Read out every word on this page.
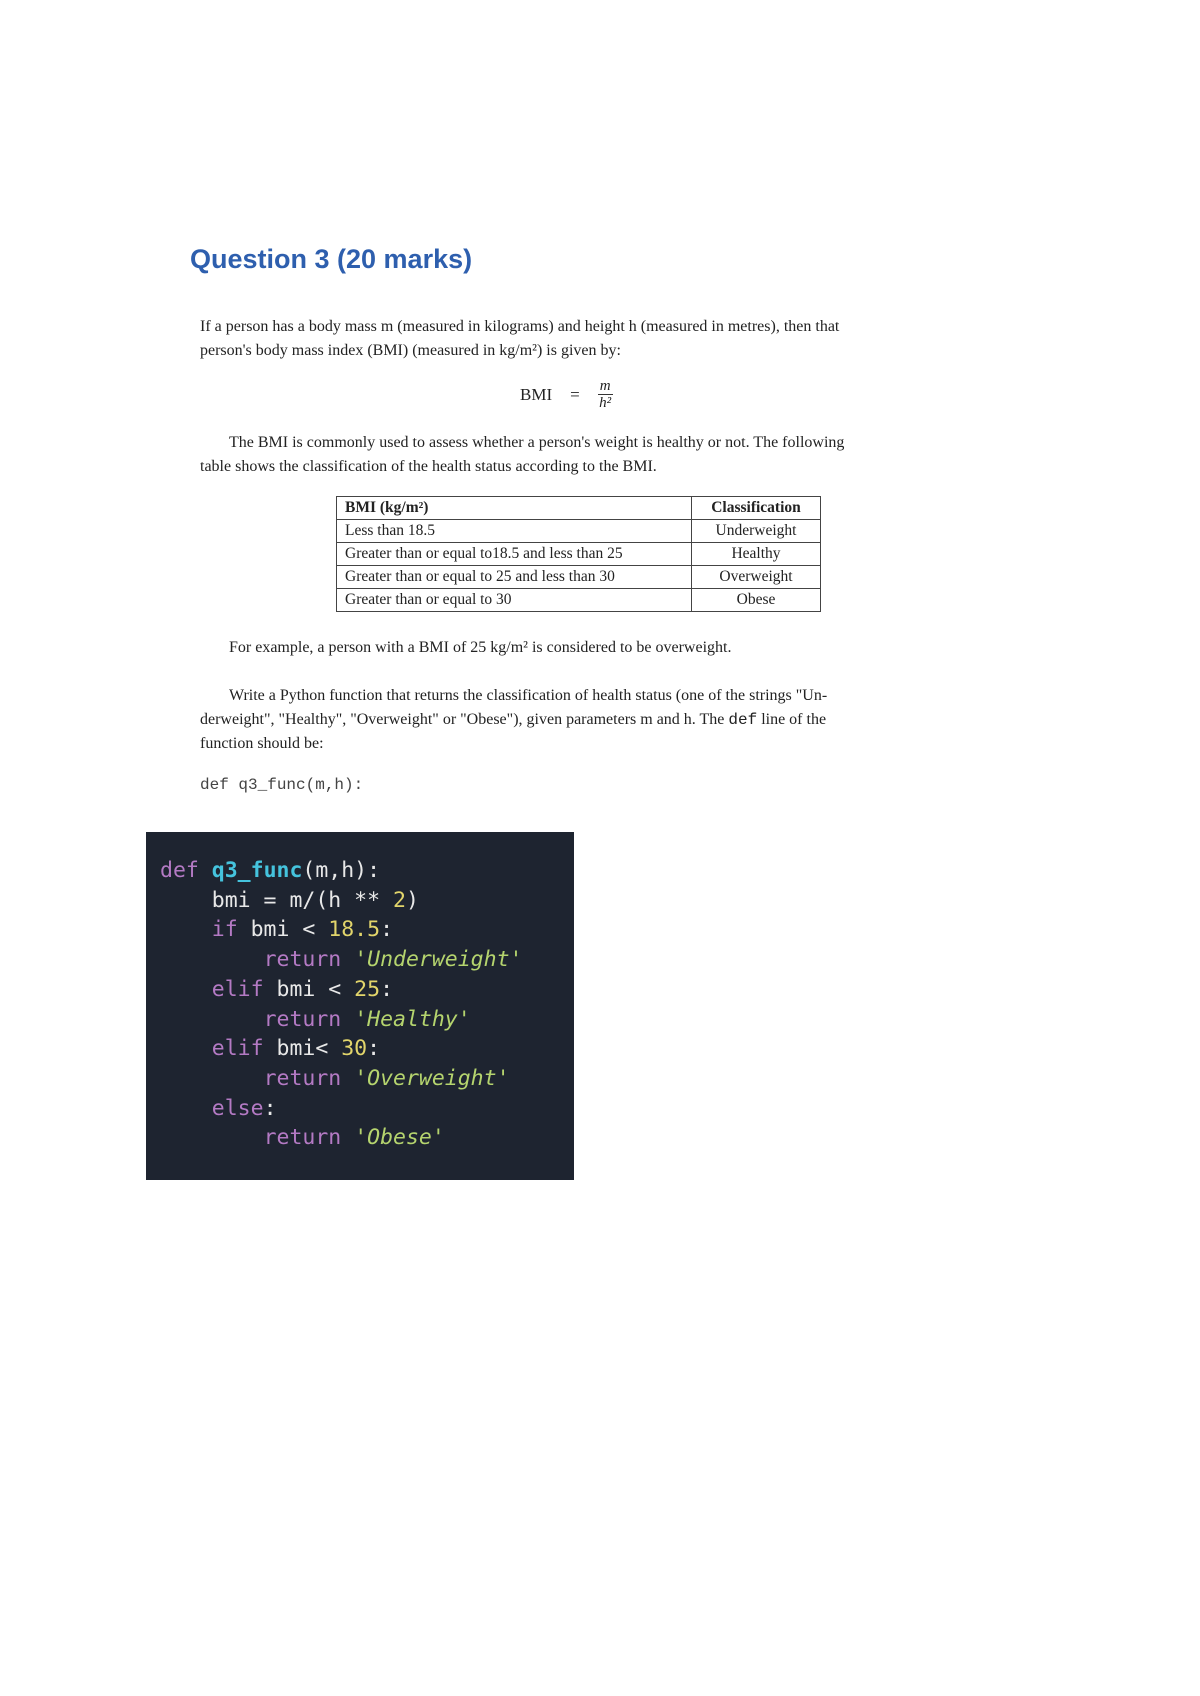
Question 3 (20 marks)
If a person has a body mass m (measured in kilograms) and height h (measured in metres), then that
person's body mass index (BMI) (measured in kg/m²) is given by:
BMI = $\frac{m}{\text{h²}}$
The BMI is commonly used to assess whether a person's weight is healthy or not. The following
table shows the classification of the health status according to the BMI.
BMI (kg/m²)	Classification
Less than 18.5	Underweight
Greater than or equal to18.5 and less than 25	Healthy
Greater than or equal to 25 and less than 30	Overweight
Greater than or equal to 30	Obese
For example, a person with a BMI of 25 kg/m² is considered to be overweight.
Write a Python function that returns the classification of health status (one of the strings "Un-
derweight", "Healthy", "Overweight" or "Obese"), given parameters m and h. The def line of the
function should be:
def q3_func(m,h):
def q3_func(m,h):
bmi = m/(h ** 2)
if bmi < 18.5:
return 'Underweight'
elif bmi < 25:
return 'Healthy'
elif bmi< 30:
return 'Overweight'
else:
return 'Obese'
